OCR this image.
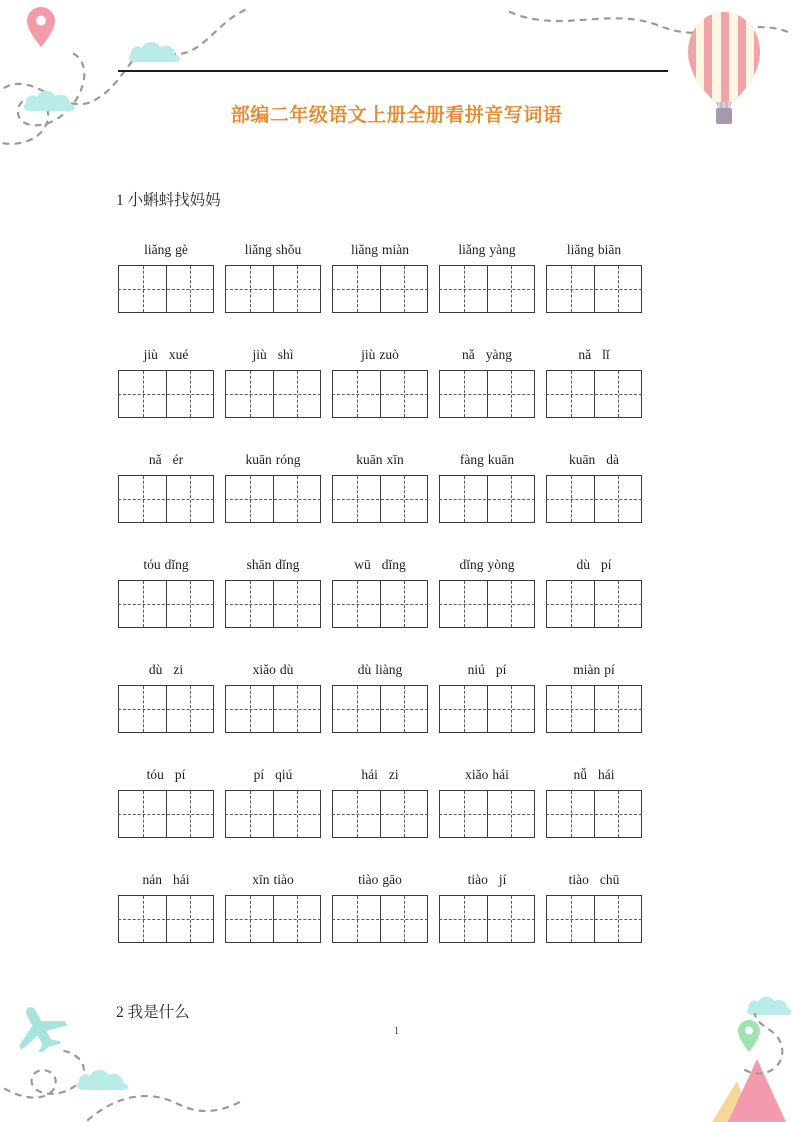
部编二年级语文上册全册看拼音写词语
1 小蝌蚪找妈妈
2 我是什么
liǎng gè	liǎng shǒu	liǎng miàn	liǎng yàng	liǎng biān
jiù xué	jiù shì	jiù zuò	nǎ yàng	nǎ lǐ
nǎ ér	kuān róng	kuān xīn	fàng kuān	kuān dà
tóu dǐng	shān dǐng	wū dǐng	dǐng yòng	dù pí
dù zi	xiǎo dù	dù liàng	niú pí	miàn pí
tóu pí	pí qiú	hái zi	xiǎo hái	nǚ hái
nán hái	xīn tiào	tiào gāo	tiào jí	tiào chū
1
